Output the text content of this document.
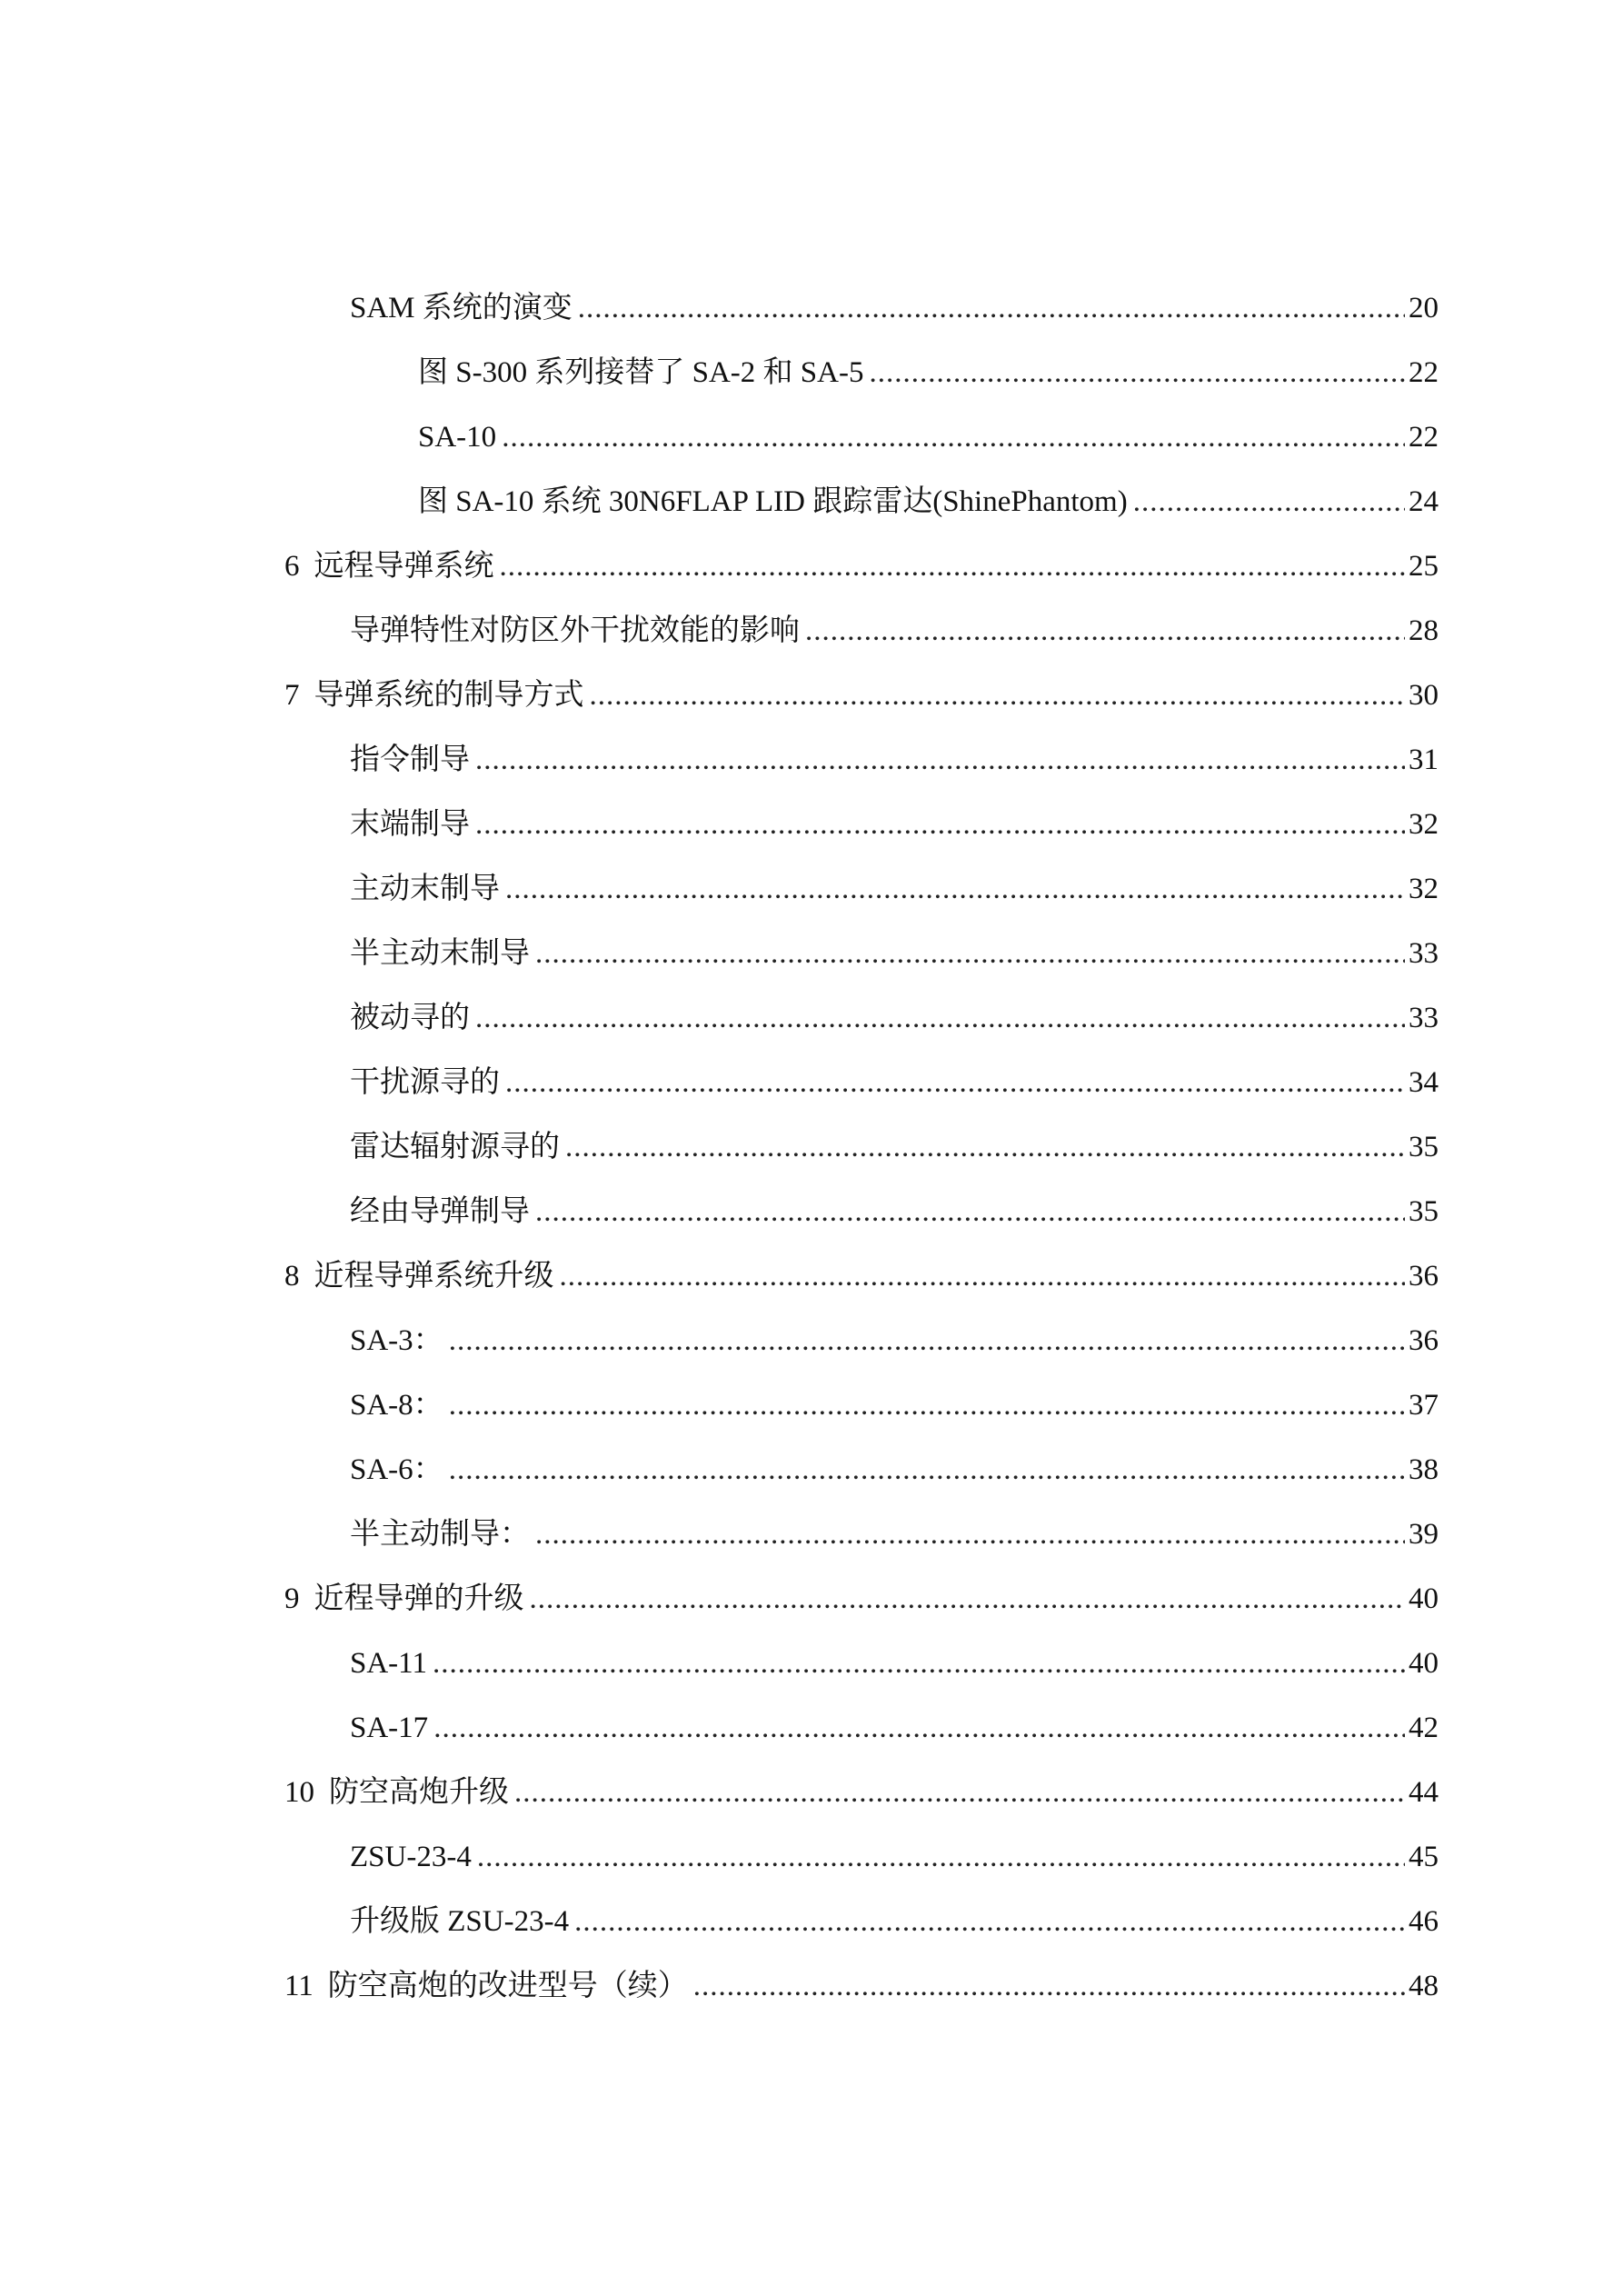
SAM 系统的演变 .....	20
图 S-300 系列接替了 SA-2 和 SA-5 .....	22
SA-10 .....	22
图 SA-10 系统 30N6FLAP LID 跟踪雷达(ShinePhantom) .....	24
6 远程导弹系统 .....	25
导弹特性对防区外干扰效能的影响 .....	28
7 导弹系统的制导方式 .....	30
指令制导 .....	31
末端制导 .....	32
主动末制导 .....	32
半主动末制导 .....	33
被动寻的 .....	33
干扰源寻的 .....	34
雷达辐射源寻的 .....	35
经由导弹制导 .....	35
8 近程导弹系统升级 .....	36
SA-3： .....	36
SA-8： .....	37
SA-6： .....	38
半主动制导： .....	39
9 近程导弹的升级 .....	40
SA-11 .....	40
SA-17 .....	42
10 防空高炮升级 .....	44
ZSU-23-4 .....	45
升级版 ZSU-23-4 .....	46
11 防空高炮的改进型号（续） .....	48
